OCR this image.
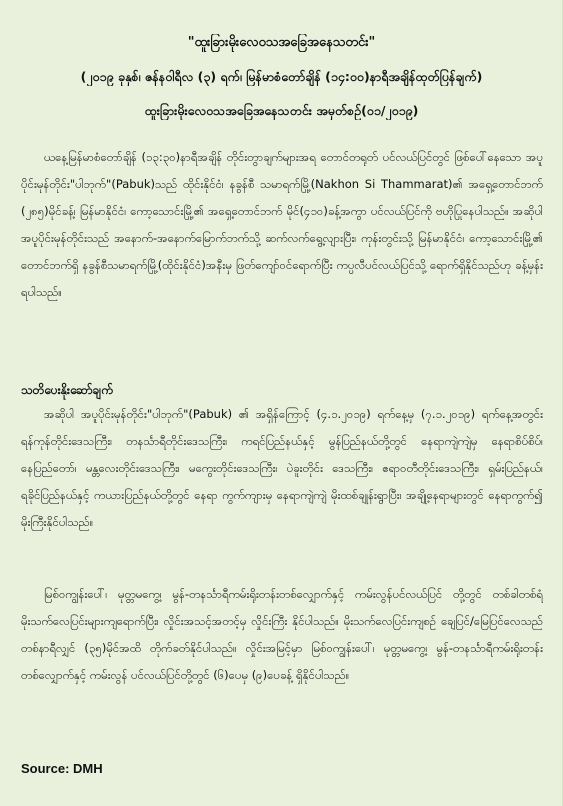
"ထူးခြားမိုးလေဝသအခြေအနေသတင်း"
(၂၀၁၉ ခုနှစ်၊ ဇန်နဝါရီလ (၃) ရက်၊ မြန်မာစံတော်ချိန် (၁၄:၀၀)နာရီအချိန်ထုတ်ပြန်ချက်)
ထူးခြားမိုးလေဝသအခြေအနေသတင်း အမှတ်စဉ်(၀၁/၂၀၁၉)

ယနေ့မြန်မာစံတော်ချိန် (၁၃:၃၀)နာရီအချိန် တိုင်းတွာချက်များအရ တောင်တရုတ် ပင်လယ်ပြင်တွင် ဖြစ်ပေါ်နေသော အပူပိုင်းမုန်တိုင်း"ပါဘုက်"(Pabuk)သည် ထိုင်းနိုင်ငံ၊ နခွန်စီ သမာရက်မြို့(Nakhon Si Thammarat)၏ အရှေ့တောင်ဘက် (၂၈၅)မိုင်ခန့်၊ မြန်မာနိုင်ငံ၊ ကော့သောင်းမြို့၏ အရှေ့တောင်ဘက် မိုင်(၄၁၀)ခန့်အကွာ ပင်လယ်ပြင်ကို ဗဟိုပြုနေပါသည်။ အဆိုပါ အပူပိုင်းမုန်တိုင်းသည် အနောက်-အနောက်မြောက်ဘက်သို့ ဆက်လက်ရွေ့လျားပြီး၊ ကုန်းတွင်းသို့ မြန်မာနိုင်ငံ၊ ကော့သောင်းမြို့၏ တောင်ဘက်ရှိ နခွန်စီသမာရက်မြို့(ထိုင်းနိုင်ငံ)အနီးမှ ဖြတ်ကျော်ဝင်ရောက်ပြီး ကပ္ပလီပင်လယ်ပြင်သို့ ရောက်ရှိနိုင်သည်ဟု ခန့်မှန်းရပါသည်။

သတိပေးနိုးဆော်ချက်

အဆိုပါ အပူပိုင်းမုန်တိုင်း"ပါဘုက်"(Pabuk) ၏ အရှိန်ကြောင့် (၄.၁.၂၀၁၉) ရက်နေ့မှ (၇.၁.၂၀၁၉) ရက်နေ့အတွင်း ရန်ကုန်တိုင်းဒေသကြီး၊ တနင်္သာရီတိုင်းဒေသကြီး၊ ကရင်ပြည်နယ်နှင့် မွန်ပြည်နယ်တို့တွင် နေရာကျဲကျဲမှ နေရာစိပ်စိပ်၊ နေပြည်တော်၊ မန္တလေးတိုင်းဒေသကြီး၊ မကွေးတိုင်းဒေသကြီး၊ ပဲခူးတိုင်း ဒေသကြီး၊ ဧရာဝတီတိုင်းဒေသကြီး၊ ရှမ်းပြည်နယ်၊ ရခိုင်ပြည်နယ်နှင့် ကယားပြည်နယ်တို့တွင် နေရာ ကွက်ကျားမှ နေရာကျဲကျဲ မိုးထစ်ချုန်းရွာပြီး၊ အချို့နေရာများတွင် နေရာကွက်၍ မိုးကြီးနိုင်ပါသည်။

မြစ်ဝကျွန်းပေါ်၊ မုတ္တမကွေ့၊ မွန်-တနင်္သာရီကမ်းရိုးတန်းတစ်လျှောက်နှင့် ကမ်းလွန်ပင်လယ်ပြင် တို့တွင် တစ်ခါတစ်ရံ မိုးသက်လေပြင်းများကျရောက်ပြီး၊ လှိုင်းအသင့်အတင့်မှ လှိုင်းကြီး နိုင်ပါသည်။ မိုးသက်လေပြင်းကျစဉ် ချေပြင်/မြေပြင်လေသည် တစ်နာရီလျှင် (၃၅)မိုင်အထိ တိုက်ခတ်နိုင်ပါသည်။ လှိုင်းအမြင့်မှာ မြစ်ဝကျွန်းပေါ်၊ မုတ္တမကွေ့၊ မွန်-တနင်္သာရီကမ်းရိုးတန်း တစ်လျှောက်နှင့် ကမ်းလွန် ပင်လယ်ပြင်တို့တွင် (၆)ပေမှ (၉)ပေခန့် ရှိနိုင်ပါသည်။

Source: DMH
